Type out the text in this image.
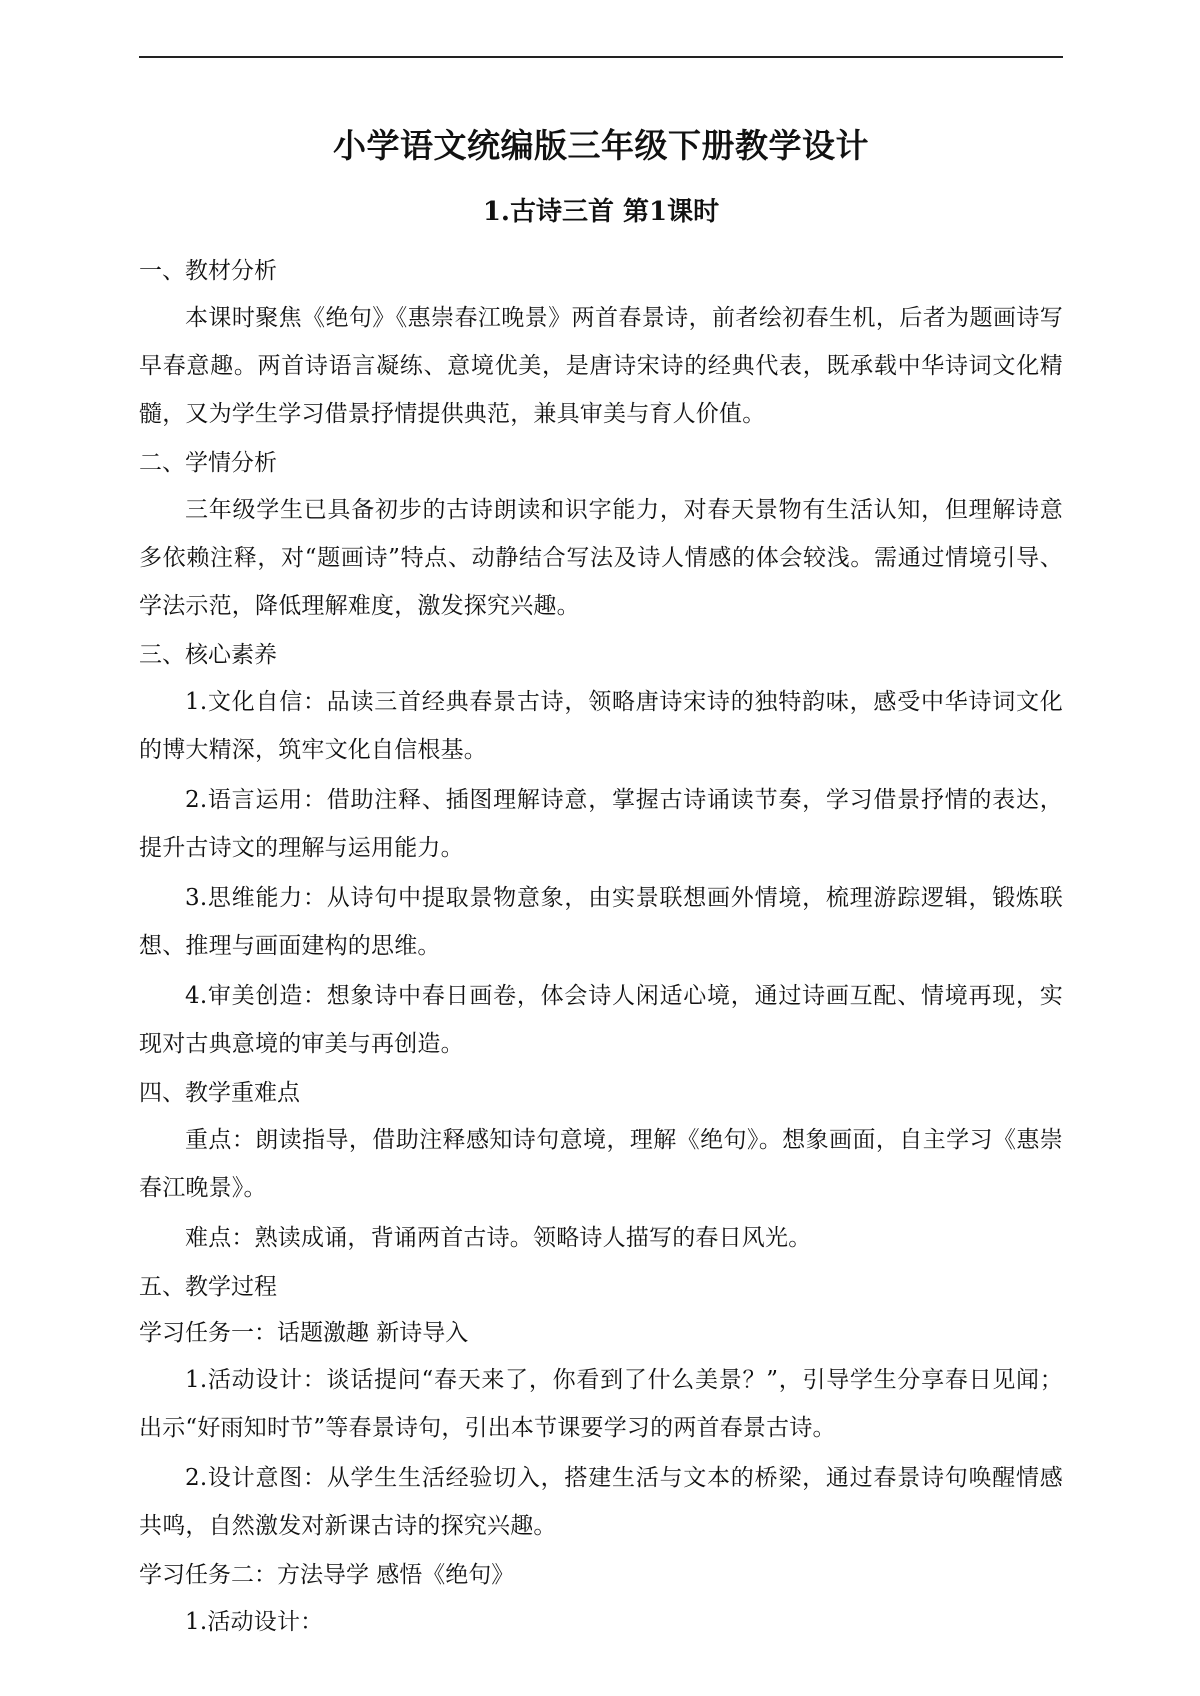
小学语文统编版三年级下册教学设计
1.古诗三首 第1课时

一、教材分析

本课时聚焦《绝句》《惠崇春江晚景》两首春景诗，前者绘初春生机，后者为题画诗写早春意趣。两首诗语言凝练、意境优美，是唐诗宋诗的经典代表，既承载中华诗词文化精髓，又为学生学习借景抒情提供典范，兼具审美与育人价值。

二、学情分析

三年级学生已具备初步的古诗朗读和识字能力，对春天景物有生活认知，但理解诗意多依赖注释，对“题画诗”特点、动静结合写法及诗人情感的体会较浅。需通过情境引导、学法示范，降低理解难度，激发探究兴趣。

三、核心素养

1.文化自信：品读三首经典春景古诗，领略唐诗宋诗的独特韵味，感受中华诗词文化的博大精深，筑牢文化自信根基。

2.语言运用：借助注释、插图理解诗意，掌握古诗诵读节奏，学习借景抒情的表达，提升古诗文的理解与运用能力。

3.思维能力：从诗句中提取景物意象，由实景联想画外情境，梳理游踪逻辑，锻炼联想、推理与画面建构的思维。

4.审美创造：想象诗中春日画卷，体会诗人闲适心境，通过诗画互配、情境再现，实现对古典意境的审美与再创造。

四、教学重难点

重点：朗读指导，借助注释感知诗句意境，理解《绝句》。想象画面，自主学习《惠崇春江晚景》。

难点：熟读成诵，背诵两首古诗。领略诗人描写的春日风光。

五、教学过程

学习任务一：话题激趣 新诗导入

1.活动设计：谈话提问“春天来了，你看到了什么美景？”，引导学生分享春日见闻；出示“好雨知时节”等春景诗句，引出本节课要学习的两首春景古诗。

2.设计意图：从学生生活经验切入，搭建生活与文本的桥梁，通过春景诗句唤醒情感共鸣，自然激发对新课古诗的探究兴趣。

学习任务二：方法导学 感悟《绝句》

1.活动设计：
